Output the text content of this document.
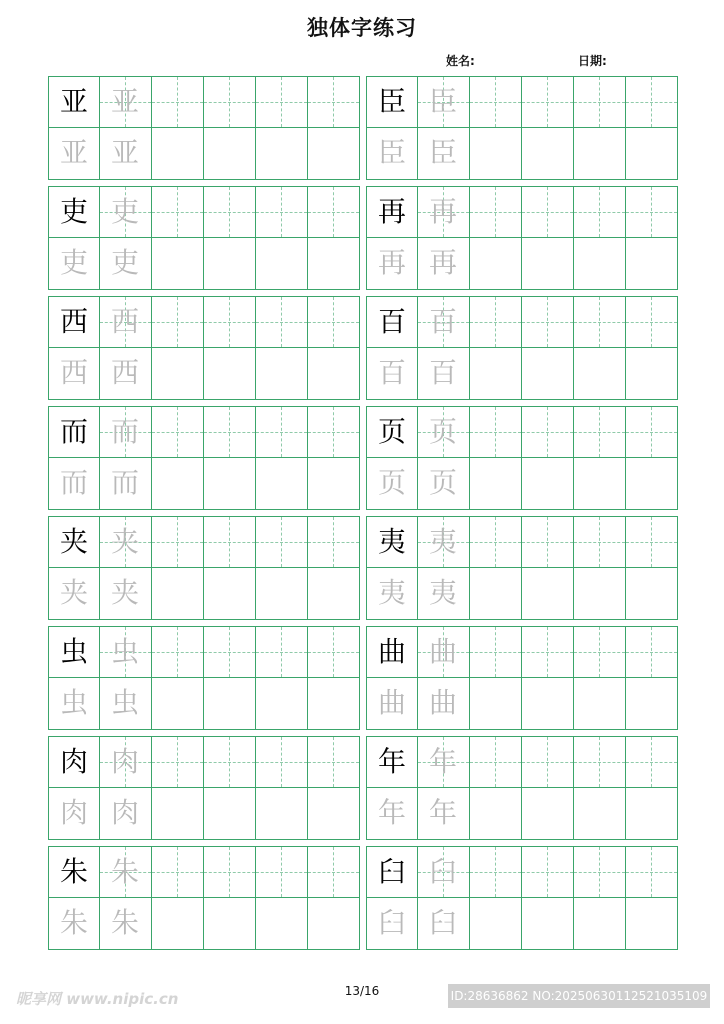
独体字练习
姓名:	日期:
亚 亚
亚 亚
臣 臣
臣 臣
吏 吏
吏 吏
再 再
再 再
西 西
西 西
百 百
百 百
而 而
而 而
页 页
页 页
夹 夹
夹 夹
夷 夷
夷 夷
虫 虫
虫 虫
曲 曲
曲 曲
肉 肉
肉 肉
年 年
年 年
朱 朱
朱 朱
臼 臼
臼 臼
13/16
昵享网 www.nipic.cn	ID:28636862 NO:20250630112521035109
